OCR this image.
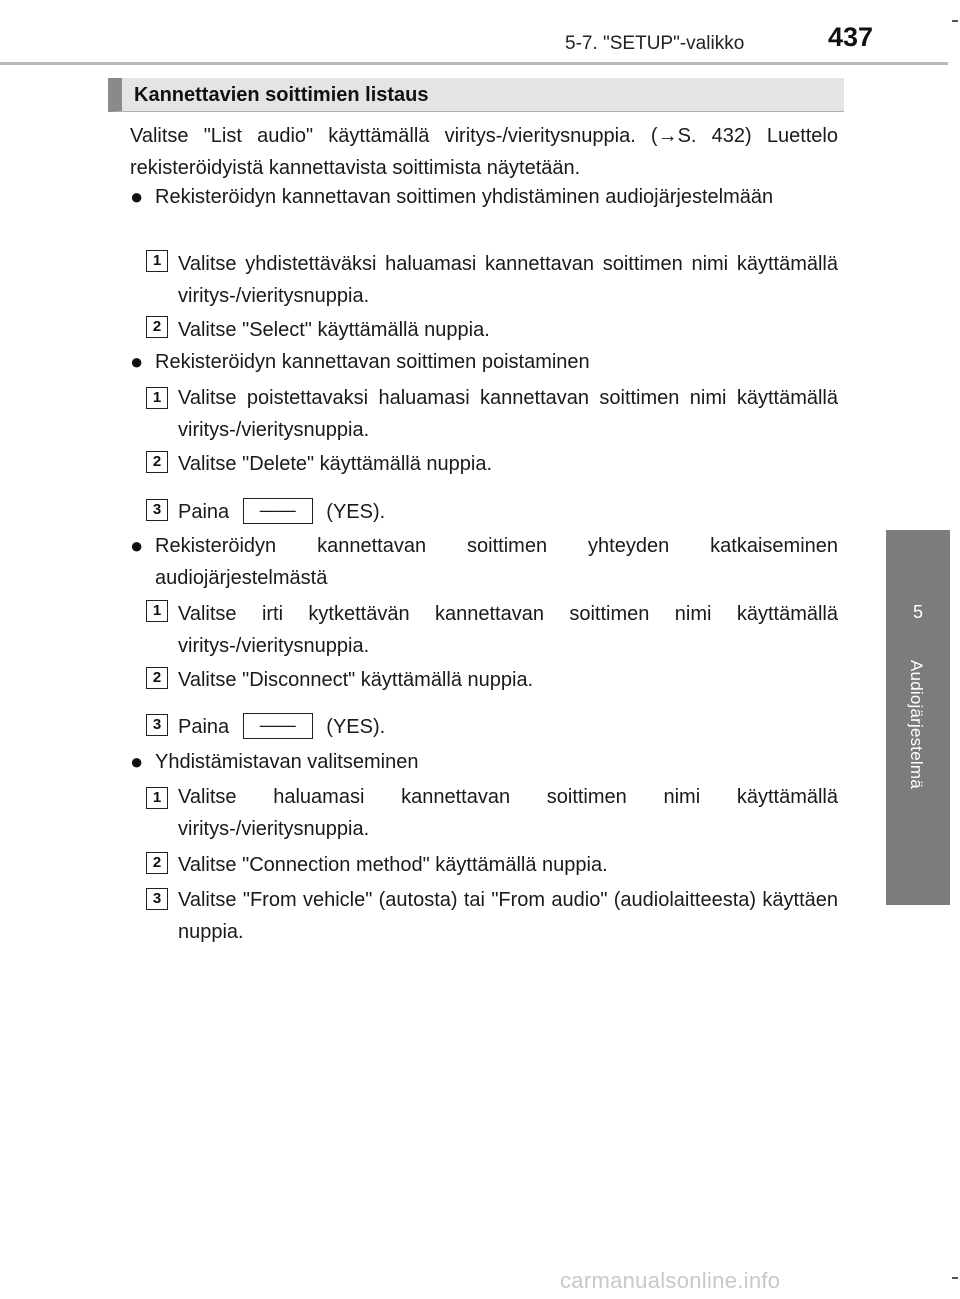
5-7. "SETUP"-valikko	437
5
Audiojärjestelmä
Kannettavien soittimien listaus
Valitse "List audio" käyttämällä viritys-/vieritysnuppia. (→S. 432) Luettelo rekisteröidyistä kannettavista soittimista näytetään.
● Rekisteröidyn kannettavan soittimen yhdistäminen audiojärjestelmään
1 Valitse yhdistettäväksi haluamasi kannettavan soittimen nimi käyttämällä viritys-/vieritysnuppia.
2 Valitse "Select" käyttämällä nuppia.
● Rekisteröidyn kannettavan soittimen poistaminen
1 Valitse poistettavaksi haluamasi kannettavan soittimen nimi käyttämällä viritys-/vieritysnuppia.
2 Valitse "Delete" käyttämällä nuppia.
3 Paina —— (YES).
● Rekisteröidyn kannettavan soittimen yhteyden katkaiseminen audiojärjestelmästä
1 Valitse irti kytkettävän kannettavan soittimen nimi käyttämällä viritys-/vieritysnuppia.
2 Valitse "Disconnect" käyttämällä nuppia.
3 Paina —— (YES).
● Yhdistämistavan valitseminen
1 Valitse haluamasi kannettavan soittimen nimi käyttämällä viritys-/vieritysnuppia.
2 Valitse "Connection method" käyttämällä nuppia.
3 Valitse "From vehicle" (autosta) tai "From audio" (audiolaitteesta) käyttäen nuppia.
carmanualsonline.info
